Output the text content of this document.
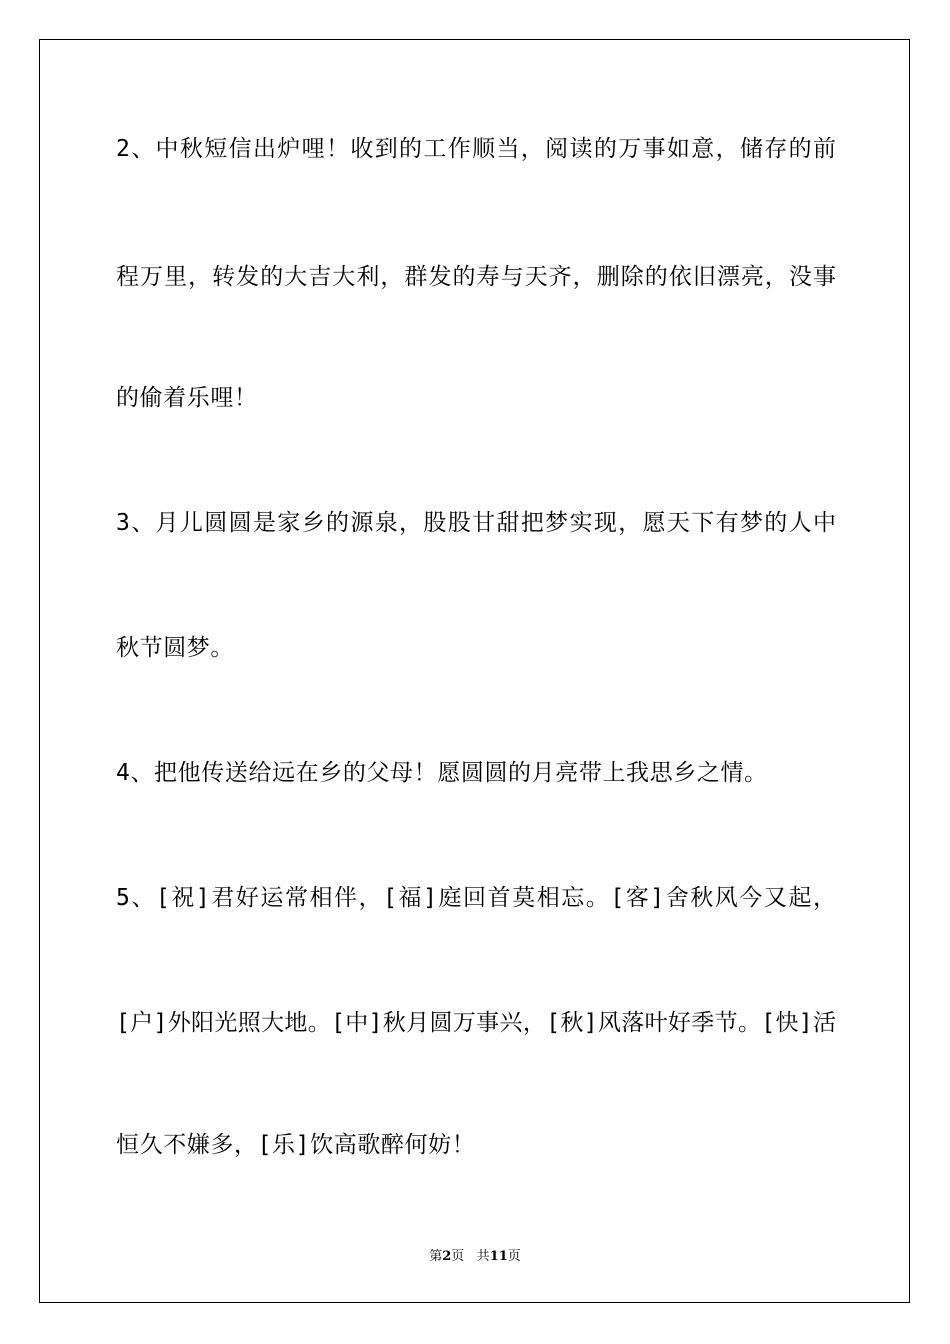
2、中秋短信出炉哩！收到的工作顺当，阅读的万事如意，储存的前
程万里，转发的大吉大利，群发的寿与天齐，删除的依旧漂亮，没事
的偷着乐哩！
3、月儿圆圆是家乡的源泉，股股甘甜把梦实现，愿天下有梦的人中
秋节圆梦。
4、把他传送给远在乡的父母！愿圆圆的月亮带上我思乡之情。
5、[祝]君好运常相伴，[福]庭回首莫相忘。[客]舍秋风今又起，
[户]外阳光照大地。[中]秋月圆万事兴，[秋]风落叶好季节。[快]活
恒久不嫌多，[乐]饮高歌醉何妨！
第2页 共11页
